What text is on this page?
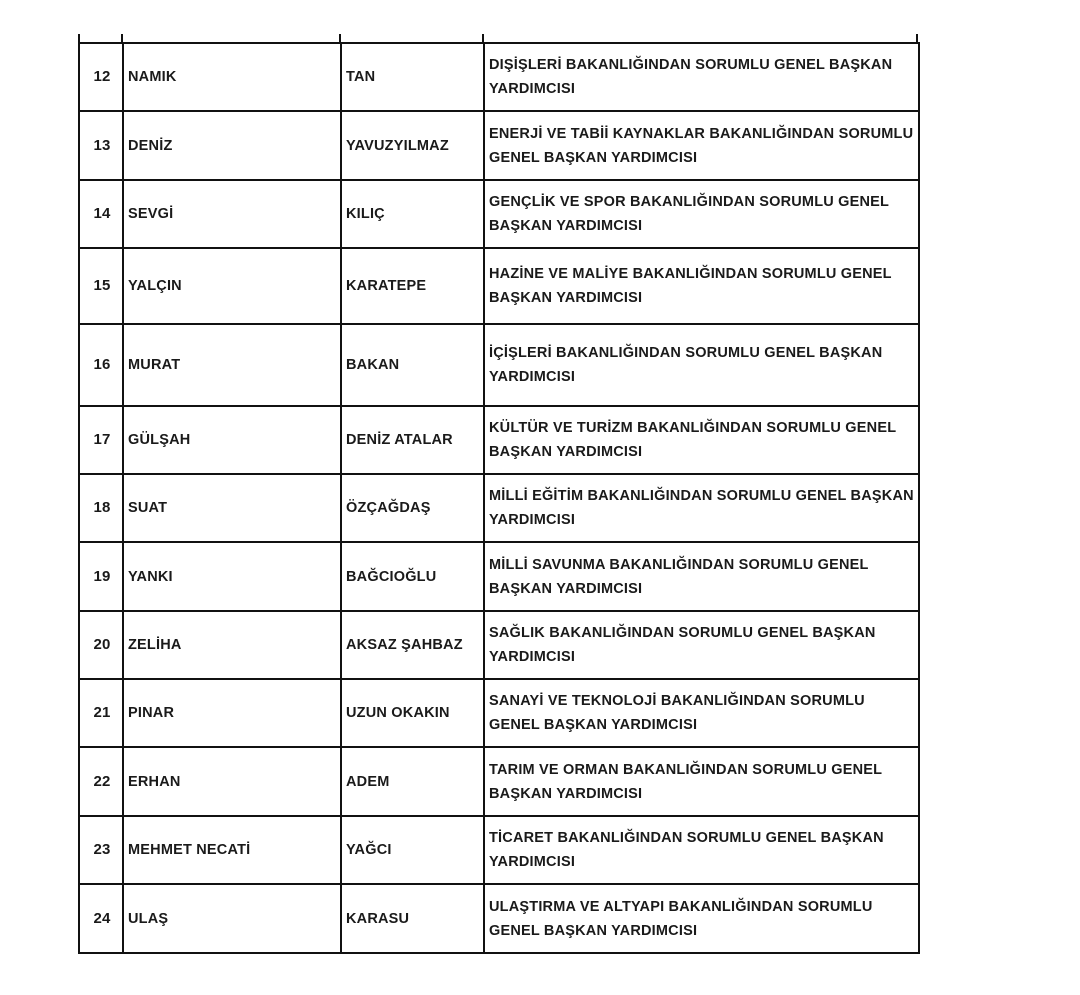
12	NAMIK	TAN	DIŞİŞLERİ BAKANLIĞINDAN SORUMLU GENEL BAŞKAN YARDIMCISI
13	DENİZ	YAVUZYILMAZ	ENERJİ VE TABİİ KAYNAKLAR BAKANLIĞINDAN SORUMLU GENEL BAŞKAN YARDIMCISI
14	SEVGİ	KILIÇ	GENÇLİK VE SPOR BAKANLIĞINDAN SORUMLU GENEL BAŞKAN YARDIMCISI
15	YALÇIN	KARATEPE	HAZİNE VE MALİYE BAKANLIĞINDAN SORUMLU GENEL BAŞKAN YARDIMCISI
16	MURAT	BAKAN	İÇİŞLERİ BAKANLIĞINDAN SORUMLU GENEL BAŞKAN YARDIMCISI
17	GÜLŞAH	DENİZ ATALAR	KÜLTÜR VE TURİZM BAKANLIĞINDAN SORUMLU GENEL BAŞKAN YARDIMCISI
18	SUAT	ÖZÇAĞDAŞ	MİLLİ EĞİTİM BAKANLIĞINDAN SORUMLU GENEL BAŞKAN YARDIMCISI
19	YANKI	BAĞCIOĞLU	MİLLİ SAVUNMA BAKANLIĞINDAN SORUMLU GENEL BAŞKAN YARDIMCISI
20	ZELİHA	AKSAZ ŞAHBAZ	SAĞLIK BAKANLIĞINDAN SORUMLU GENEL BAŞKAN YARDIMCISI
21	PINAR	UZUN OKAKIN	SANAYİ VE TEKNOLOJİ BAKANLIĞINDAN SORUMLU GENEL BAŞKAN YARDIMCISI
22	ERHAN	ADEM	TARIM VE ORMAN BAKANLIĞINDAN SORUMLU GENEL BAŞKAN YARDIMCISI
23	MEHMET NECATİ	YAĞCI	TİCARET BAKANLIĞINDAN SORUMLU GENEL BAŞKAN YARDIMCISI
24	ULAŞ	KARASU	ULAŞTIRMA VE ALTYAPI BAKANLIĞINDAN SORUMLU GENEL BAŞKAN YARDIMCISI
